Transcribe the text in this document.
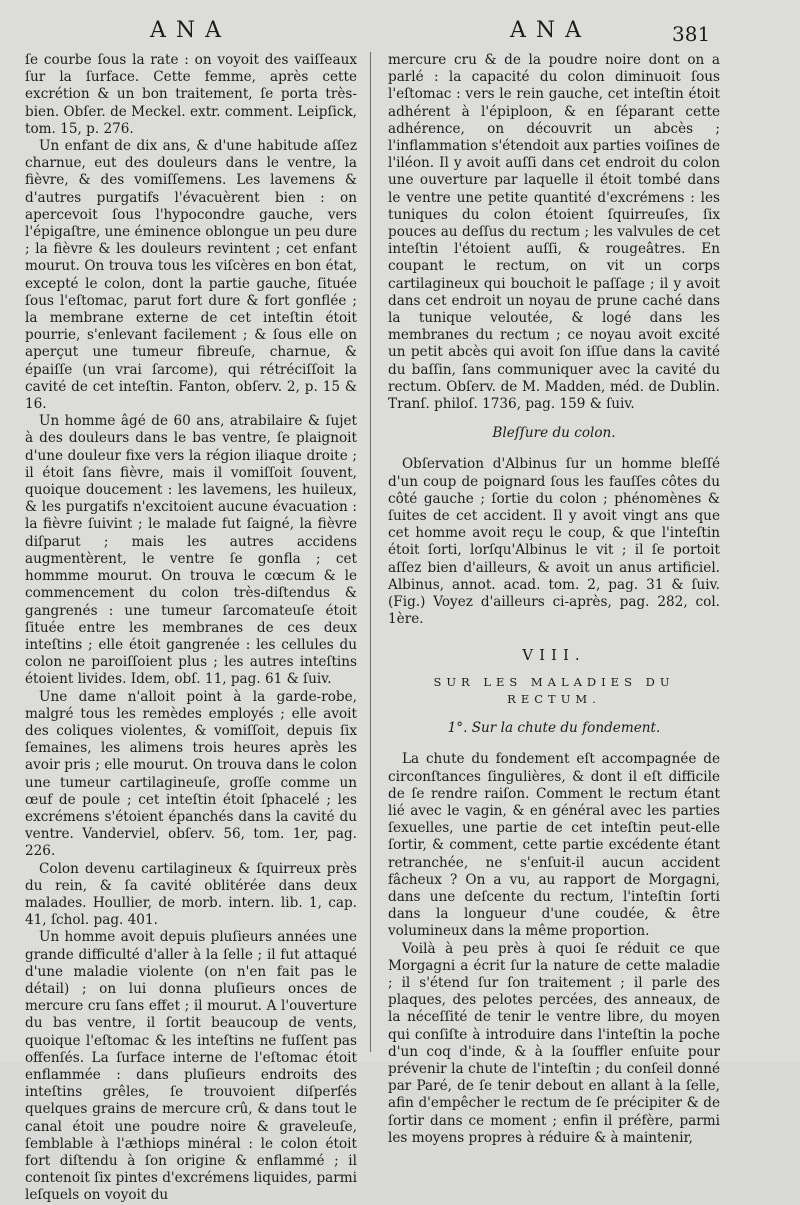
ANA	ANA	381

ſe courbe ſous la rate : on voyoit des vaiſſeaux ſur la ſurface. Cette femme, après cette excrétion & un bon traitement, ſe porta très-bien. Obſer. de Meckel. extr. comment. Leipſick, tom. 15, p. 276.

Un enfant de dix ans, & d'une habitude aſſez charnue, eut des douleurs dans le ventre, la fièvre, & des vomiſſemens. Les lavemens & d'autres purgatifs l'évacuèrent bien : on apercevoit ſous l'hypocondre gauche, vers l'épigaſtre, une éminence oblongue un peu dure ; la fièvre & les douleurs revintent ; cet enfant mourut. On trouva tous les viſcères en bon état, excepté le colon, dont la partie gauche, ſituée ſous l'eſtomac, parut fort dure & fort gonflée ; la membrane externe de cet inteſtin étoit pourrie, s'enlevant facilement ; & ſous elle on aperçut une tumeur fibreuſe, charnue, & épaiſſe (un vrai ſarcome), qui rétréciſſoit la cavité de cet inteſtin. Fanton, obſerv. 2, p. 15 & 16.

Un homme âgé de 60 ans, atrabilaire & ſujet à des douleurs dans le bas ventre, ſe plaignoit d'une douleur fixe vers la région iliaque droite ; il étoit ſans fièvre, mais il vomiſſoit ſouvent, quoique doucement : les lavemens, les huileux, & les purgatifs n'excitoient aucune évacuation : la fièvre ſuivint ; le malade fut ſaigné, la fièvre diſparut ; mais les autres accidens augmentèrent, le ventre ſe gonfla ; cet hommme mourut. On trouva le cœcum & le commencement du colon très-diſtendus & gangrenés : une tumeur ſarcomateuſe étoit ſituée entre les membranes de ces deux inteſtins ; elle étoit gangrenée : les cellules du colon ne paroiſſoient plus ; les autres inteſtins étoient livides. Idem, obſ. 11, pag. 61 & ſuiv.

Une dame n'alloit point à la garde-robe, malgré tous les remèdes employés ; elle avoit des coliques violentes, & vomiſſoit, depuis ſix ſemaines, les alimens trois heures après les avoir pris ; elle mourut. On trouva dans le colon une tumeur cartilagineuſe, groſſe comme un œuf de poule ; cet inteſtin étoit ſphacelé ; les excrémens s'étoient épanchés dans la cavité du ventre. Vanderviel, obſerv. 56, tom. 1er, pag. 226.

Colon devenu cartilagineux & ſquirreux près du rein, & ſa cavité oblitérée dans deux malades. Houllier, de morb. intern. lib. 1, cap. 41, ſchol. pag. 401.

Un homme avoit depuis pluſieurs années une grande difficulté d'aller à la ſelle ; il fut attaqué d'une maladie violente (on n'en fait pas le détail) ; on lui donna pluſieurs onces de mercure cru ſans effet ; il mourut. A l'ouverture du bas ventre, il ſortit beaucoup de vents, quoique l'eſtomac & les inteſtins ne fuſſent pas offenſés. La ſurface interne de l'eſtomac étoit enflammée : dans pluſieurs endroits des inteſtins grêles, ſe trouvoient diſperſés quelques grains de mercure crû, & dans tout le canal étoit une poudre noire & graveleuſe, ſemblable à l'æthiops minéral : le colon étoit fort diſtendu à ſon origine & enflammé ; il contenoit ſix pintes d'excrémens liquides, parmi leſquels on voyoit du

mercure cru & de la poudre noire dont on a parlé : la capacité du colon diminuoit ſous l'eſtomac : vers le rein gauche, cet inteſtin étoit adhérent à l'épiploon, & en ſéparant cette adhérence, on découvrit un abcès ; l'inflammation s'étendoit aux parties voiſines de l'iléon. Il y avoit auſſi dans cet endroit du colon une ouverture par laquelle il étoit tombé dans le ventre une petite quantité d'excrémens : les tuniques du colon étoient ſquirreuſes, ſix pouces au deſſus du rectum ; les valvules de cet inteſtin l'étoient auſſi, & rougeâtres. En coupant le rectum, on vit un corps cartilagineux qui bouchoit le paſſage ; il y avoit dans cet endroit un noyau de prune caché dans la tunique veloutée, & logé dans les membranes du rectum ; ce noyau avoit excité un petit abcès qui avoit ſon iſſue dans la cavité du baſſin, ſans communiquer avec la cavité du rectum. Obſerv. de M. Madden, méd. de Dublin. Tranſ. philoſ. 1736, pag. 159 & ſuiv.

Bleſſure du colon.

Obſervation d'Albinus ſur un homme bleſſé d'un coup de poignard ſous les fauſſes côtes du côté gauche ; ſortie du colon ; phénomènes & ſuites de cet accident. Il y avoit vingt ans que cet homme avoit reçu le coup, & que l'inteſtin étoit ſorti, lorſqu'Albinus le vit ; il ſe portoit aſſez bien d'ailleurs, & avoit un anus artificiel. Albinus, annot. acad. tom. 2, pag. 31 & ſuiv. (Fig.) Voyez d'ailleurs ci-après, pag. 282, col. 1ère.

VIII.
SUR LES MALADIES DU RECTUM.
1°. Sur la chute du fondement.

La chute du fondement eſt accompagnée de circonſtances ſingulières, & dont il eſt difficile de ſe rendre raiſon. Comment le rectum étant lié avec le vagin, & en général avec les parties ſexuelles, une partie de cet inteſtin peut-elle ſortir, & comment, cette partie excédente étant retranchée, ne s'enſuit-il aucun accident fâcheux ? On a vu, au rapport de Morgagni, dans une deſcente du rectum, l'inteſtin ſorti dans la longueur d'une coudée, & être volumineux dans la même proportion.

Voilà à peu près à quoi ſe réduit ce que Morgagni a écrit ſur la nature de cette maladie ; il s'étend ſur ſon traitement ; il parle des plaques, des pelotes percées, des anneaux, de la néceſſité de tenir le ventre libre, du moyen qui conſiſte à introduire dans l'inteſtin la poche d'un coq d'inde, & à la ſouffler enſuite pour prévenir la chute de l'inteſtin ; du conſeil donné par Paré, de ſe tenir debout en allant à la ſelle, afin d'empêcher le rectum de ſe précipiter & de ſortir dans ce moment ; enfin il préfère, parmi les moyens propres à réduire & à maintenir,
